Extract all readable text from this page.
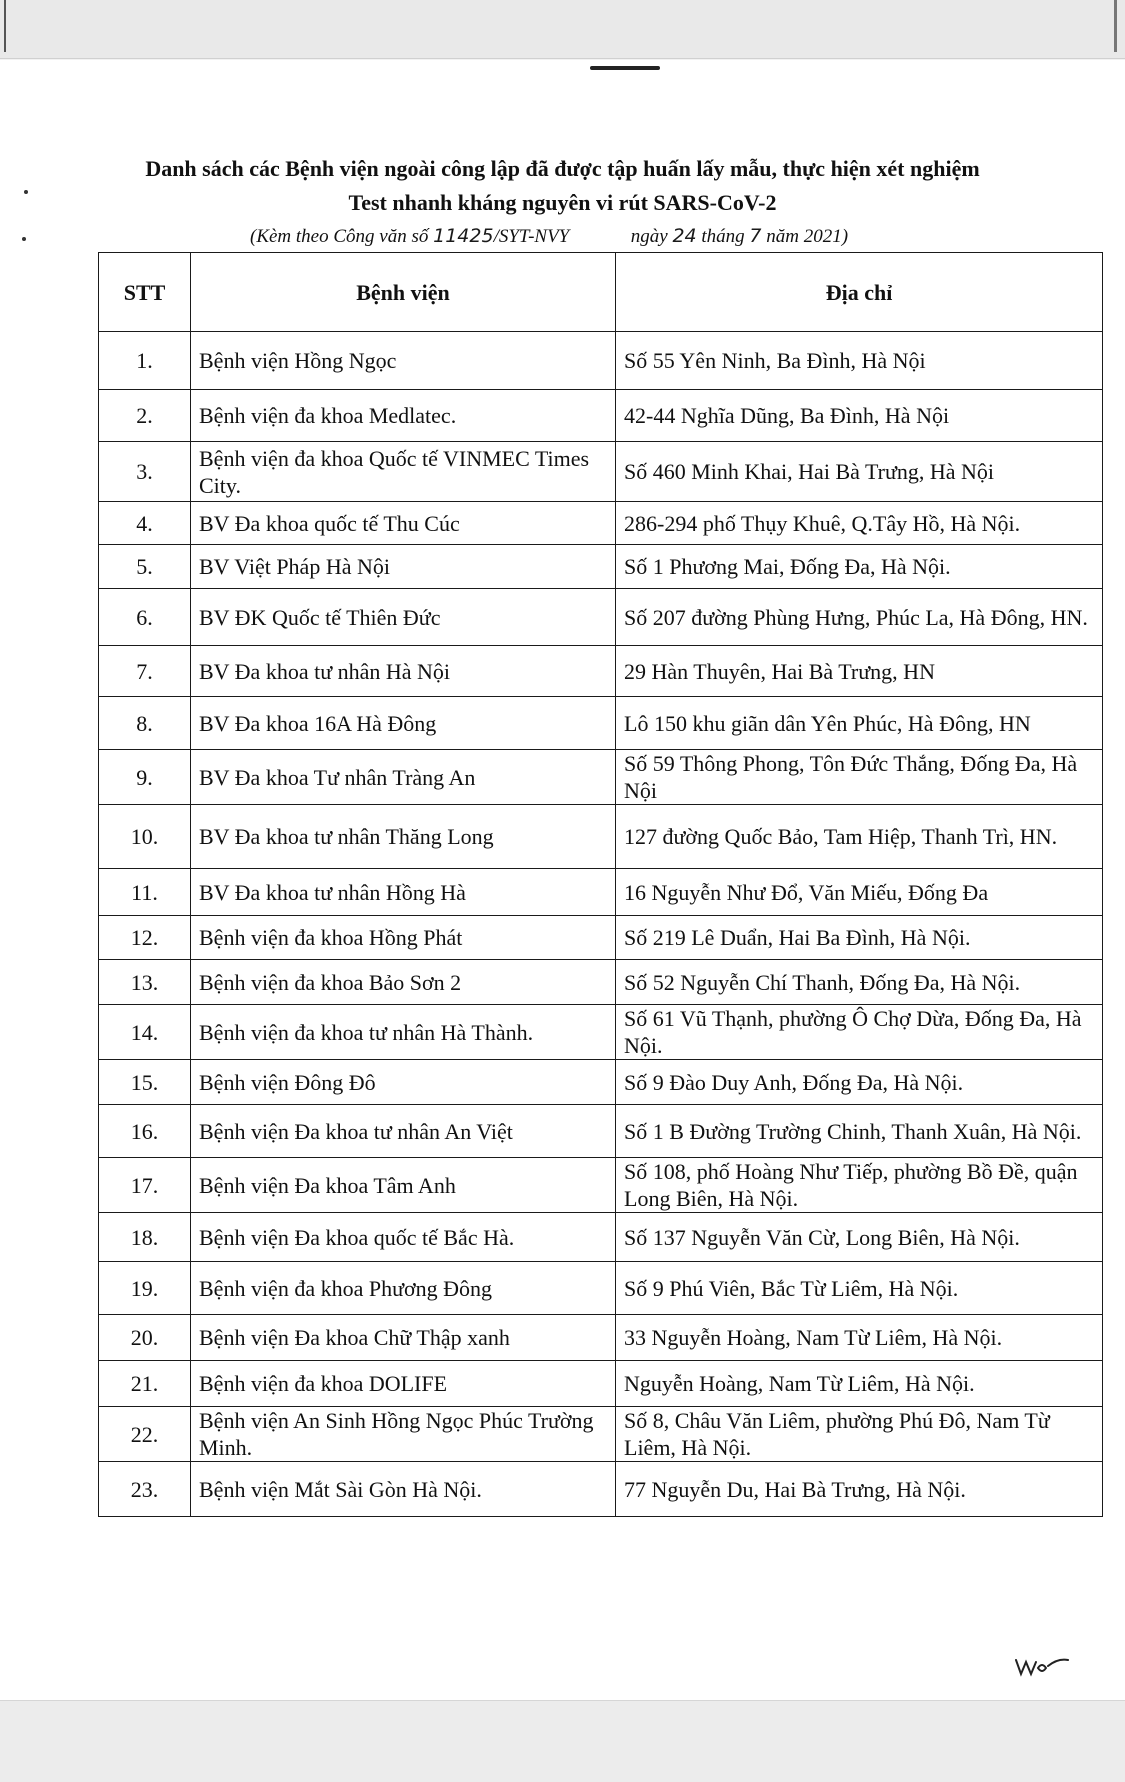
Danh sách các Bệnh viện ngoài công lập đã được tập huấn lấy mẫu, thực hiện xét nghiệm
Test nhanh kháng nguyên vi rút SARS-CoV-2
(Kèm theo Công văn số 11425/SYT-NVY	ngày 24 tháng 7 năm 2021)
STT	Bệnh viện	Địa chỉ
1.	Bệnh viện Hồng Ngọc	Số 55 Yên Ninh, Ba Đình, Hà Nội
2.	Bệnh viện đa khoa Medlatec.	42-44 Nghĩa Dũng, Ba Đình, Hà Nội
3.	Bệnh viện đa khoa Quốc tế VINMEC Times City.	Số 460 Minh Khai, Hai Bà Trưng, Hà Nội
4.	BV Đa khoa quốc tế Thu Cúc	286-294 phố Thụy Khuê, Q.Tây Hồ, Hà Nội.
5.	BV Việt Pháp Hà Nội	Số 1 Phương Mai, Đống Đa, Hà Nội.
6.	BV ĐK Quốc tế Thiên Đức	Số 207 đường Phùng Hưng, Phúc La, Hà Đông, HN.
7.	BV Đa khoa tư nhân Hà Nội	29 Hàn Thuyên, Hai Bà Trưng, HN
8.	BV Đa khoa 16A Hà Đông	Lô 150 khu giãn dân Yên Phúc, Hà Đông, HN
9.	BV Đa khoa Tư nhân Tràng An	Số 59 Thông Phong, Tôn Đức Thắng, Đống Đa, Hà Nội
10.	BV Đa khoa tư nhân Thăng Long	127 đường Quốc Bảo, Tam Hiệp, Thanh Trì, HN.
11.	BV Đa khoa tư nhân Hồng Hà	16 Nguyễn Như Đổ, Văn Miếu, Đống Đa
12.	Bệnh viện đa khoa Hồng Phát	Số 219 Lê Duẩn, Hai Ba Đình, Hà Nội.
13.	Bệnh viện đa khoa Bảo Sơn 2	Số 52 Nguyễn Chí Thanh, Đống Đa, Hà Nội.
14.	Bệnh viện đa khoa tư nhân Hà Thành.	Số 61 Vũ Thạnh, phường Ô Chợ Dừa, Đống Đa, Hà Nội.
15.	Bệnh viện Đông Đô	Số 9 Đào Duy Anh, Đống Đa, Hà Nội.
16.	Bệnh viện Đa khoa tư nhân An Việt	Số 1 B Đường Trường Chinh, Thanh Xuân, Hà Nội.
17.	Bệnh viện Đa khoa Tâm Anh	Số 108, phố Hoàng Như Tiếp, phường Bồ Đề, quận Long Biên, Hà Nội.
18.	Bệnh viện Đa khoa quốc tế Bắc Hà.	Số 137 Nguyễn Văn Cừ, Long Biên, Hà Nội.
19.	Bệnh viện đa khoa Phương Đông	Số 9 Phú Viên, Bắc Từ Liêm, Hà Nội.
20.	Bệnh viện Đa khoa Chữ Thập xanh	33 Nguyễn Hoàng, Nam Từ Liêm, Hà Nội.
21.	Bệnh viện đa khoa DOLIFE	Nguyễn Hoàng, Nam Từ Liêm, Hà Nội.
22.	Bệnh viện An Sinh Hồng Ngọc Phúc Trường Minh.	Số 8, Châu Văn Liêm, phường Phú Đô, Nam Từ Liêm, Hà Nội.
23.	Bệnh viện Mắt Sài Gòn Hà Nội.	77 Nguyễn Du, Hai Bà Trưng, Hà Nội.
